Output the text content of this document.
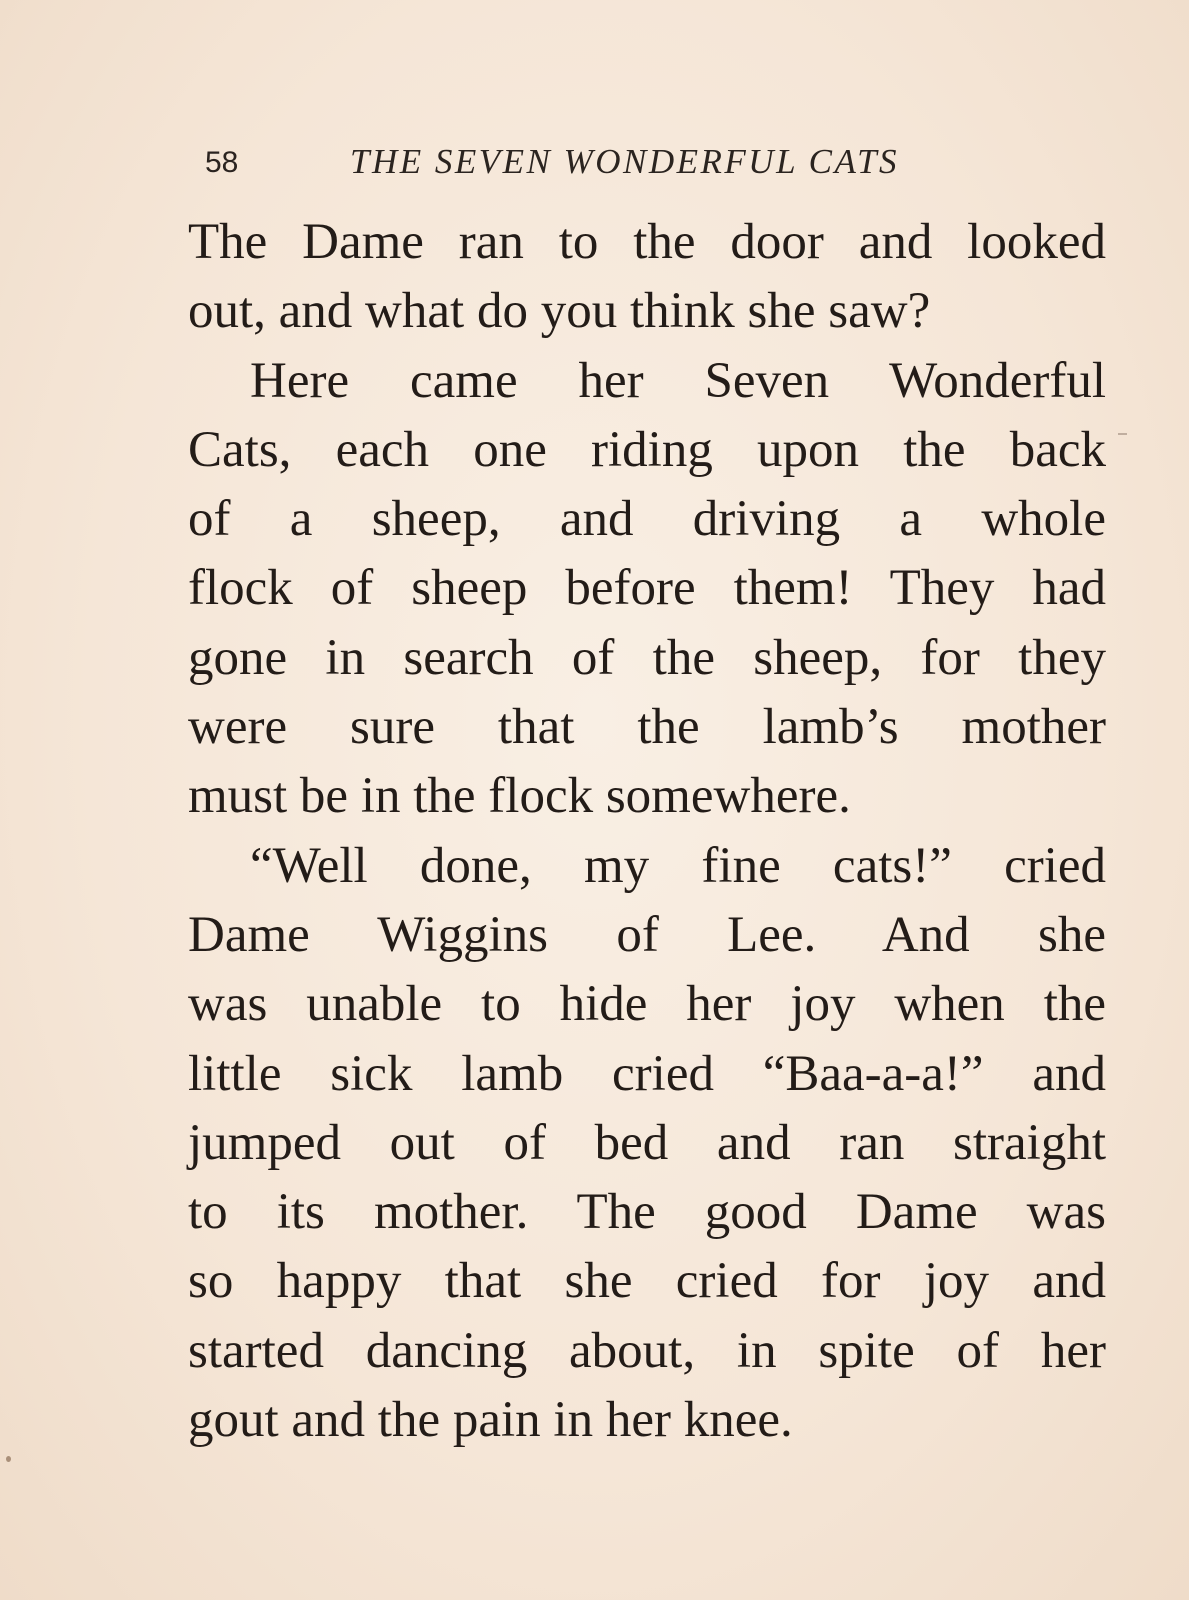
58	THE SEVEN WONDERFUL CATS
The Dame ran to the door and looked
out, and what do you think she saw?
Here came her Seven Wonderful
Cats, each one riding upon the back
of a sheep, and driving a whole
flock of sheep before them! They had
gone in search of the sheep, for they
were sure that the lamb’s mother
must be in the flock somewhere.
“Well done, my fine cats!” cried
Dame Wiggins of Lee. And she
was unable to hide her joy when the
little sick lamb cried “Baa-a-a!” and
jumped out of bed and ran straight
to its mother. The good Dame was
so happy that she cried for joy and
started dancing about, in spite of her
gout and the pain in her knee.
